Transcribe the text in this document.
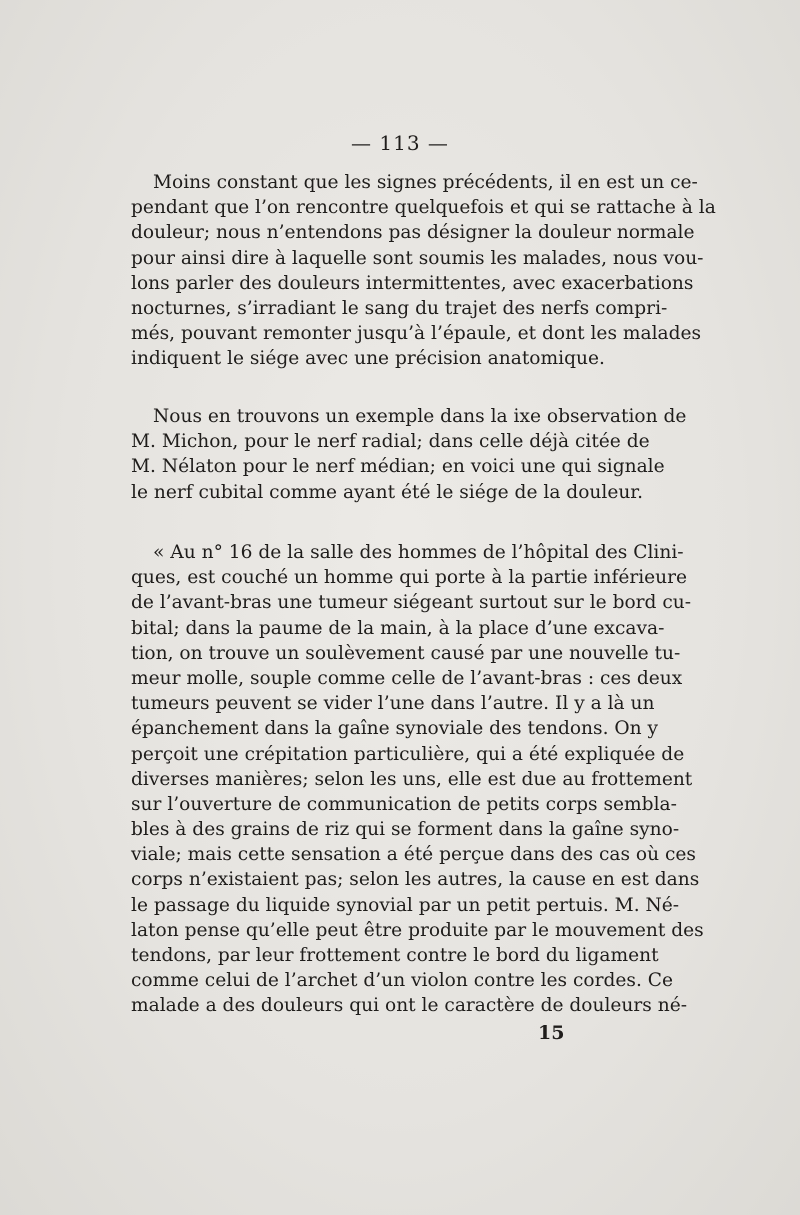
— 113 —
Moins constant que les signes précédents, il en est un ce-
pendant que l’on rencontre quelquefois et qui se rattache à la
douleur; nous n’entendons pas désigner la douleur normale
pour ainsi dire à laquelle sont soumis les malades, nous vou-
lons parler des douleurs intermittentes, avec exacerbations
nocturnes, s’irradiant le sang du trajet des nerfs compri-
més, pouvant remonter jusqu’à l’épaule, et dont les malades
indiquent le siége avec une précision anatomique.
Nous en trouvons un exemple dans la ixe observation de
M. Michon, pour le nerf radial; dans celle déjà citée de
M. Nélaton pour le nerf médian; en voici une qui signale
le nerf cubital comme ayant été le siége de la douleur.
« Au n° 16 de la salle des hommes de l’hôpital des Clini-
ques, est couché un homme qui porte à la partie inférieure
de l’avant-bras une tumeur siégeant surtout sur le bord cu-
bital; dans la paume de la main, à la place d’une excava-
tion, on trouve un soulèvement causé par une nouvelle tu-
meur molle, souple comme celle de l’avant-bras : ces deux
tumeurs peuvent se vider l’une dans l’autre. Il y a là un
épanchement dans la gaîne synoviale des tendons. On y
perçoit une crépitation particulière, qui a été expliquée de
diverses manières; selon les uns, elle est due au frottement
sur l’ouverture de communication de petits corps sembla-
bles à des grains de riz qui se forment dans la gaîne syno-
viale; mais cette sensation a été perçue dans des cas où ces
corps n’existaient pas; selon les autres, la cause en est dans
le passage du liquide synovial par un petit pertuis. M. Né-
laton pense qu’elle peut être produite par le mouvement des
tendons, par leur frottement contre le bord du ligament
comme celui de l’archet d’un violon contre les cordes. Ce
malade a des douleurs qui ont le caractère de douleurs né-
15
